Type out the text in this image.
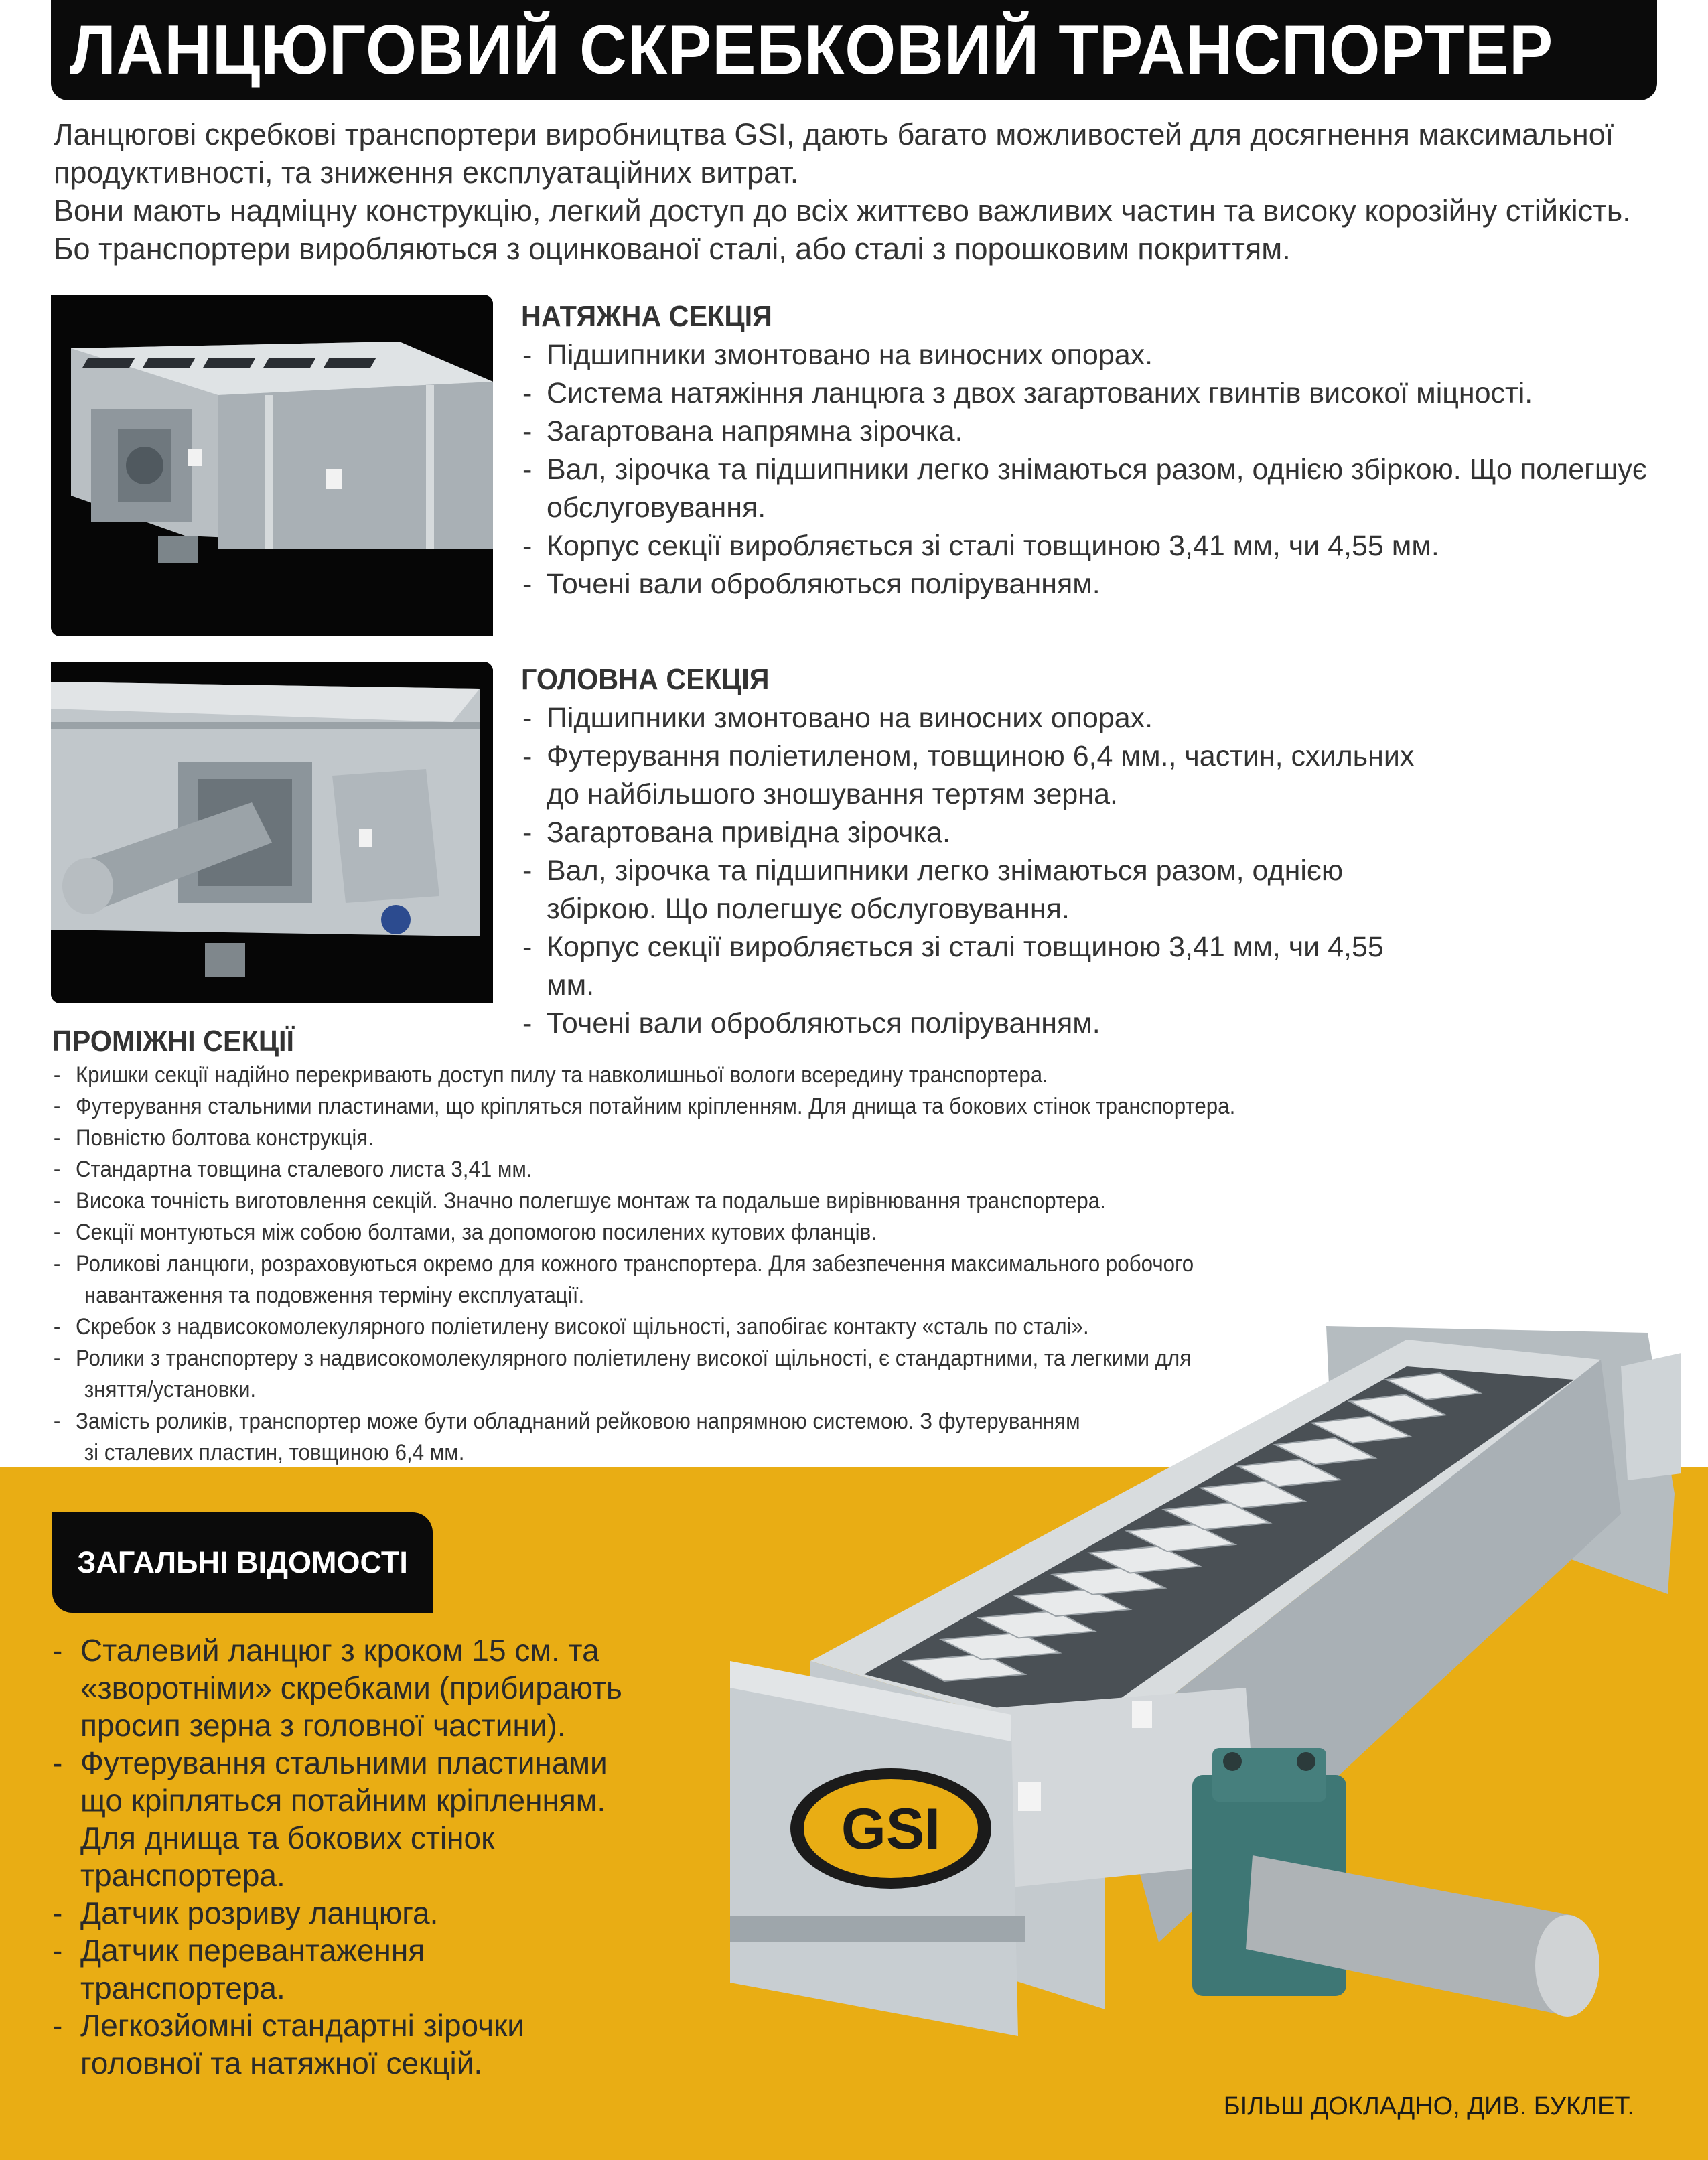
ЛАНЦЮГОВИЙ СКРЕБКОВИЙ ТРАНСПОРТЕР

Ланцюгові скребкові транспортери виробництва GSI, дають багато можливостей для досягнення максимальної продуктивності, та зниження експлуатаційних витрат.

Вони мають надміцну конструкцію, легкий доступ до всіх життєво важливих частин та високу корозійну стійкість. Бо транспортери виробляються з оцинкованої сталі, або сталі з порошковим покриттям.

НАТЯЖНА СЕКЦІЯ
- Підшипники змонтовано на виносних опорах.
- Система натяжіння ланцюга з двох загартованих гвинтів високої міцності.
- Загартована напрямна зірочка.
- Вал, зірочка та підшипники легко знімаються разом, однією збіркою. Що полегшує обслуговування.
- Корпус секції виробляється зі сталі товщиною 3,41 мм, чи 4,55 мм.
- Точені вали обробляються поліруванням.
ГОЛОВНА СЕКЦІЯ
- Підшипники змонтовано на виносних опорах.
- Футерування поліетиленом, товщиною 6,4 мм., частин, схильних до найбільшого зношування тертям зерна.
- Загартована привідна зірочка.
- Вал, зірочка та підшипники легко знімаються разом, однією збіркою. Що полегшує обслуговування.
- Корпус секції виробляється зі сталі товщиною 3,41 мм, чи 4,55 мм.
- Точені вали обробляються поліруванням.
ПРОМІЖНІ СЕКЦІЇ
- Кришки секції надійно перекривають доступ пилу та навколишньої вологи всередину транспортера.
- Футерування стальними пластинами, що кріпляться потайним кріпленням. Для днища та бокових стінок транспортера.
- Повністю болтова конструкція.
- Стандартна товщина сталевого листа 3,41 мм.
- Висока точність виготовлення секцій. Значно полегшує монтаж та подальше вирівнювання транспортера.
- Секції монтуються між собою болтами, за допомогою посилених кутових фланців.
- Роликові ланцюги, розраховуються окремо для кожного транспортера. Для забезпечення максимального робочого
навантаження та подовження терміну експлуатації.
- Скребок з надвисокомолекулярного поліетилену високої щільності, запобігає контакту «сталь по сталі».
- Ролики з транспортеру з надвисокомолекулярного поліетилену високої щільності, є стандартними, та легкими для
зняття/установки.
- Замість роликів, транспортер може бути обладнаний рейковою напрямною системою. З футеруванням
зі сталевих пластин, товщиною 6,4 мм.
GSI
ЗАГАЛЬНІ ВІДОМОСТІ
- Сталевий ланцюг з кроком 15 см. та «зворотніми» скребками (прибирають просип зерна з головної частини).
- Футерування стальними пластинами що кріпляться потайним кріпленням. Для днища та бокових стінок транспортера.
- Датчик розриву ланцюга.
- Датчик перевантаження транспортера.
- Легкозйомні стандартні зірочки головної та натяжної секцій.
БІЛЬШ ДОКЛАДНО, ДИВ. БУКЛЕТ.
